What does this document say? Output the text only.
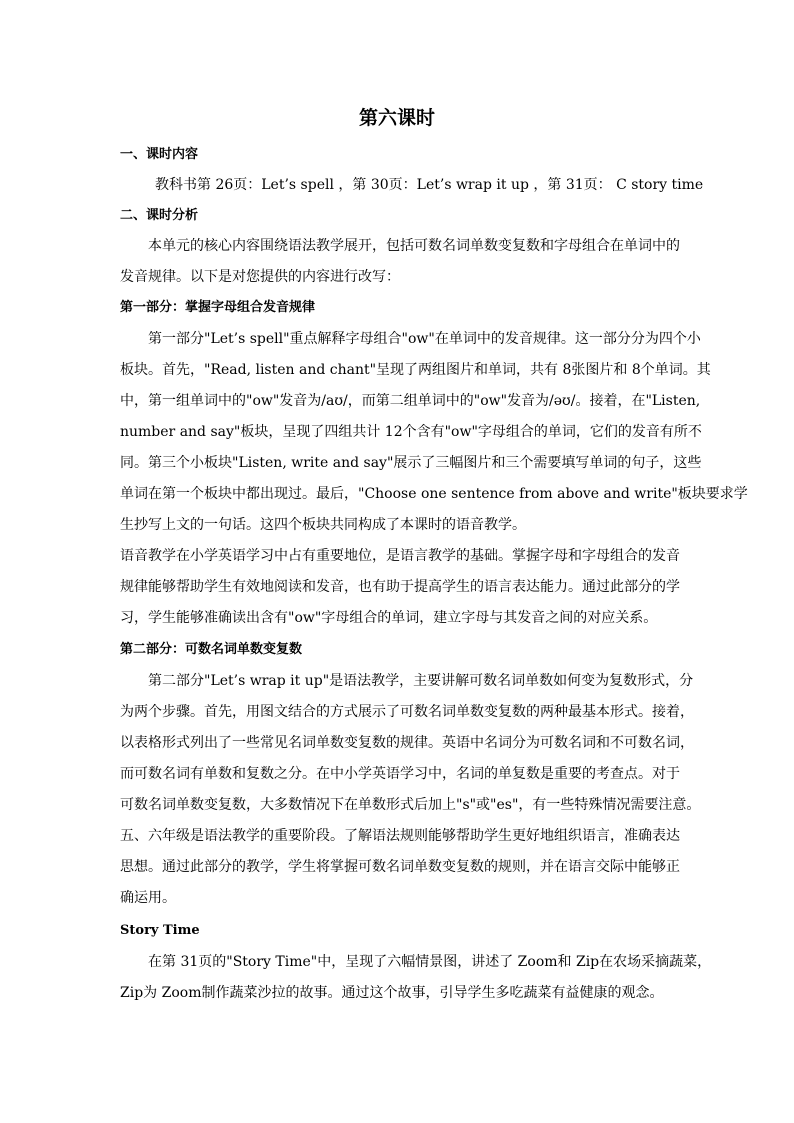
第六课时
一、课时内容
教科书第 26页：Let’s spell ，第 30页：Let’s wrap it up ，第 31页： C story time
二、课时分析
本单元的核心内容围绕语法教学展开，包括可数名词单数变复数和字母组合在单词中的
发音规律。以下是对您提供的内容进行改写：
第一部分：掌握字母组合发音规律
第一部分"Let’s spell"重点解释字母组合"ow"在单词中的发音规律。这一部分分为四个小
板块。首先，"Read, listen and chant"呈现了两组图片和单词，共有 8张图片和 8个单词。其
中，第一组单词中的"ow"发音为/aʊ/，而第二组单词中的"ow"发音为/əʊ/。接着，在"Listen,
number and say"板块，呈现了四组共计 12个含有"ow"字母组合的单词，它们的发音有所不
同。第三个小板块"Listen, write and say"展示了三幅图片和三个需要填写单词的句子，这些
单词在第一个板块中都出现过。最后，"Choose one sentence from above and write"板块要求学
生抄写上文的一句话。这四个板块共同构成了本课时的语音教学。
语音教学在小学英语学习中占有重要地位，是语言教学的基础。掌握字母和字母组合的发音
规律能够帮助学生有效地阅读和发音，也有助于提高学生的语言表达能力。通过此部分的学
习，学生能够准确读出含有"ow"字母组合的单词，建立字母与其发音之间的对应关系。
第二部分：可数名词单数变复数
第二部分"Let’s wrap it up"是语法教学，主要讲解可数名词单数如何变为复数形式，分
为两个步骤。首先，用图文结合的方式展示了可数名词单数变复数的两种最基本形式。接着，
以表格形式列出了一些常见名词单数变复数的规律。英语中名词分为可数名词和不可数名词，
而可数名词有单数和复数之分。在中小学英语学习中，名词的单复数是重要的考查点。对于
可数名词单数变复数，大多数情况下在单数形式后加上"s"或"es"，有一些特殊情况需要注意。
五、六年级是语法教学的重要阶段。了解语法规则能够帮助学生更好地组织语言，准确表达
思想。通过此部分的教学，学生将掌握可数名词单数变复数的规则，并在语言交际中能够正
确运用。
Story Time
在第 31页的"Story Time"中，呈现了六幅情景图，讲述了 Zoom和 Zip在农场采摘蔬菜，
Zip为 Zoom制作蔬菜沙拉的故事。通过这个故事，引导学生多吃蔬菜有益健康的观念。
